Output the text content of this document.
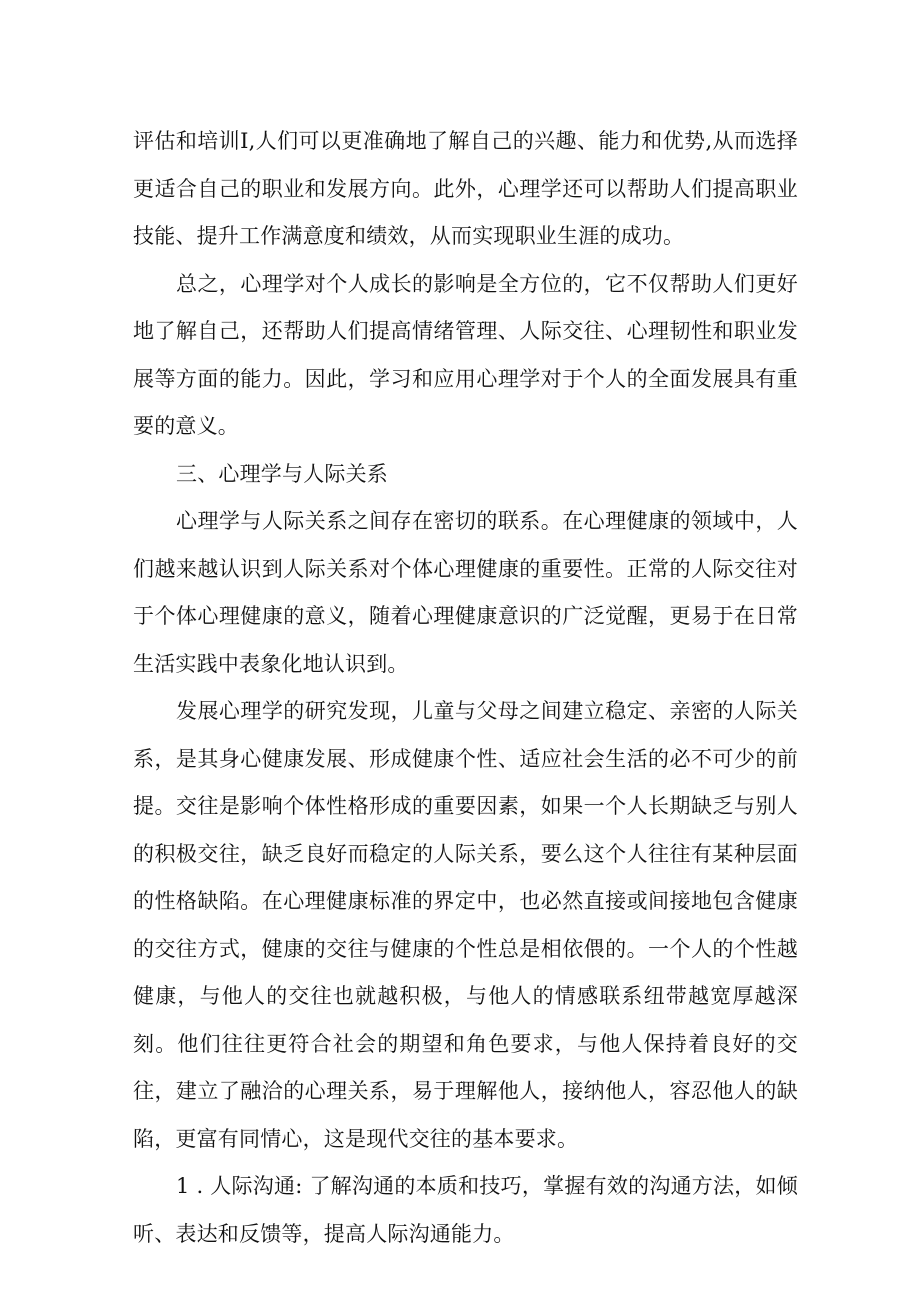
评估和培训I,人们可以更准确地了解自己的兴趣、能力和优势,从而选择更适合自己的职业和发展方向。此外，心理学还可以帮助人们提高职业技能、提升工作满意度和绩效，从而实现职业生涯的成功。

总之，心理学对个人成长的影响是全方位的，它不仅帮助人们更好地了解自己，还帮助人们提高情绪管理、人际交往、心理韧性和职业发展等方面的能力。因此，学习和应用心理学对于个人的全面发展具有重要的意义。

三、心理学与人际关系

心理学与人际关系之间存在密切的联系。在心理健康的领域中，人们越来越认识到人际关系对个体心理健康的重要性。正常的人际交往对于个体心理健康的意义，随着心理健康意识的广泛觉醒，更易于在日常生活实践中表象化地认识到。

发展心理学的研究发现，儿童与父母之间建立稳定、亲密的人际关系，是其身心健康发展、形成健康个性、适应社会生活的必不可少的前提。交往是影响个体性格形成的重要因素，如果一个人长期缺乏与别人的积极交往，缺乏良好而稳定的人际关系，要么这个人往往有某种层面的性格缺陷。在心理健康标准的界定中，也必然直接或间接地包含健康的交往方式，健康的交往与健康的个性总是相依偎的。一个人的个性越健康，与他人的交往也就越积极，与他人的情感联系纽带越宽厚越深刻。他们往往更符合社会的期望和角色要求，与他人保持着良好的交往，建立了融洽的心理关系，易于理解他人，接纳他人，容忍他人的缺陷，更富有同情心，这是现代交往的基本要求。

1 . 人际沟通: 了解沟通的本质和技巧，掌握有效的沟通方法，如倾听、表达和反馈等，提高人际沟通能力。
